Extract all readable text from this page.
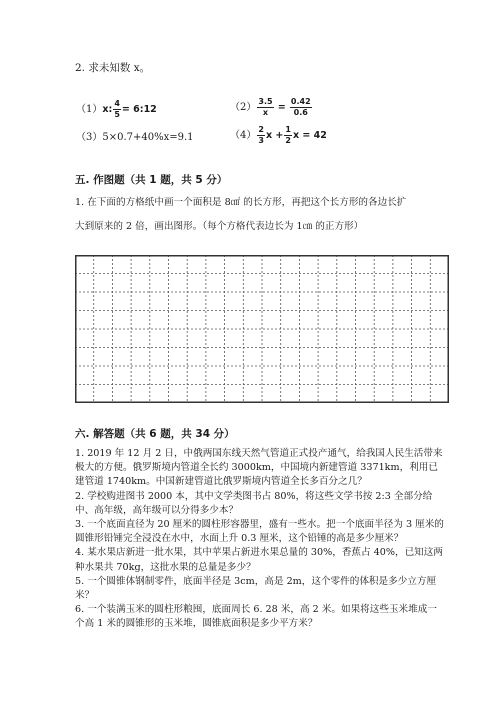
2. 求未知数 x。
（1）x: $\frac{4}{5}$ = 6:12	$(2) \frac{3.5}{x} = \frac{0.42}{0.6}$
（3）5×0.7+40%x=9.1	$(4) \frac{2}{3}$ $x + \frac{1}{2}$ x = 42
五. 作图题（共 1 题，共 5 分）
1. 在下面的方格纸中画一个面积是 8㎠ 的长方形，再把这个长方形的各边长扩
大到原来的 2 倍，画出图形。（每个方格代表边长为 1㎝ 的正方形）
六. 解答题（共 6 题，共 34 分）
1. 2019 年 12 月 2 日，中俄两国东线天然气管道正式投产通气，给我国人民生活带来极大的方便。俄罗斯境内管道全长约 3000km，中国境内新建管道 3371km，利用已建管道 1740km。中国新建管道比俄罗斯境内管道全长多百分之几？
2. 学校购进图书 2000 本，其中文学类图书占 80%，将这些文学书按 2:3 全部分给中、高年级，高年级可以分得多少本？
3. 一个底面直径为 20 厘米的圆柱形容器里，盛有一些水。把一个底面半径为 3 厘米的圆锥形铅锤完全浸没在水中，水面上升 0.3 厘米，这个铅锤的高是多少厘米？
4. 某水果店新进一批水果，其中苹果占新进水果总量的 30%，香蕉占 40%，已知这两种水果共 70kg，这批水果的总量是多少？
5. 一个圆锥体钢制零件，底面半径是 3cm，高是 2m，这个零件的体积是多少立方厘米？
6. 一个装满玉米的圆柱形粮囤，底面周长 6. 28 米，高 2 米。如果将这些玉米堆成一个高 1 米的圆锥形的玉米堆，圆锥底面积是多少平方米？
